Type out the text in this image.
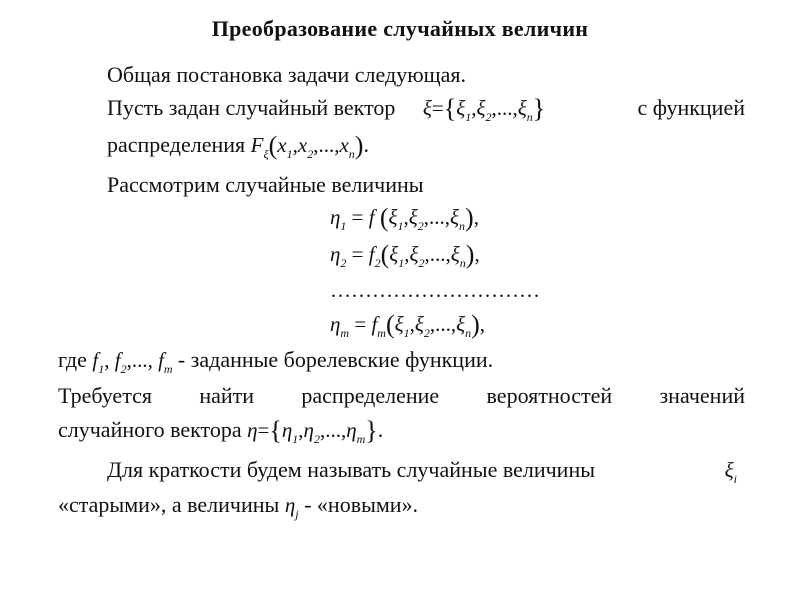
Преобразование случайных величин
Общая постановка задачи следующая.
Пусть задан случайный вектор $\xi=\{\xi_1,\xi_2,...,\xi_n\}$	с функцией
распределения $F_\xi(x_1,x_2,...,x_n)$.
Рассмотрим случайные величины
$\eta_1 = f$ $(\xi_1,\xi_2,...,\xi_n)$,
$\eta_2 = f_2(\xi_1,\xi_2,...,\xi_n)$,
…………………………
$\eta_m = f_m(\xi_1,\xi_2,...,\xi_n)$,
где $f_1$, $f_2$,..., $f_m$ - заданные борелевские функции.
Требуется найти распределение вероятностей значений
случайного вектора $\eta=\{\eta_1,\eta_2,...,\eta_m\}$.
Для краткости будем называть случайные величины	$\xi_i$
«старыми», а величины $\eta_j$ - «новыми».
